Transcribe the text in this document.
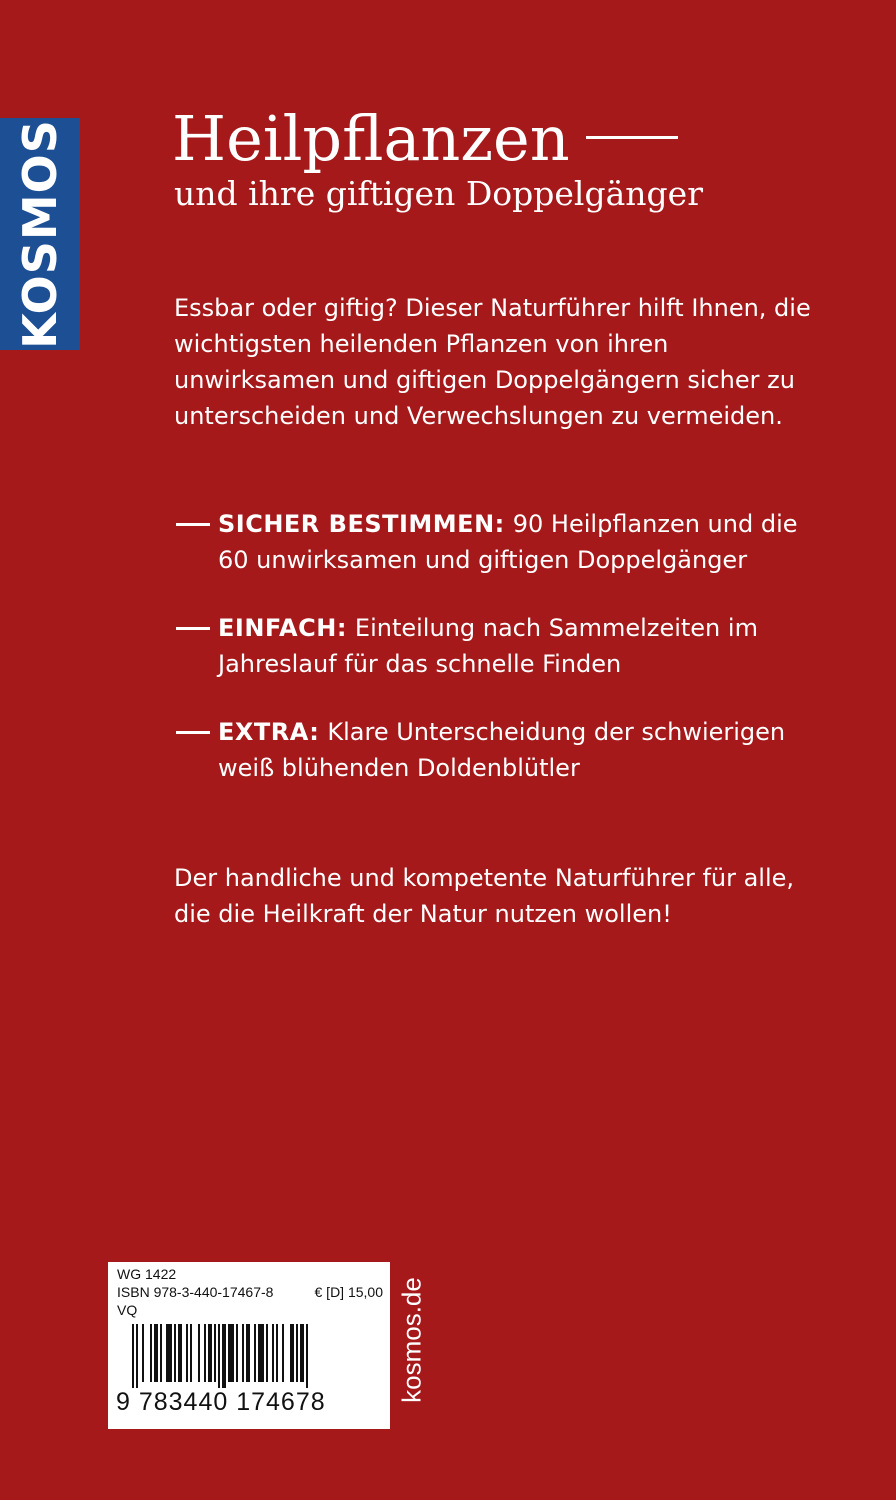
KOSMOS Heilpflanzen
und ihre giftigen Doppelgänger
Essbar oder giftig? Dieser Naturführer hilft Ihnen, die wichtigsten heilenden Pflanzen von ihren unwirksamen und giftigen Doppelgängern sicher zu unterscheiden und Verwechslungen zu vermeiden.
SICHER BESTIMMEN: 90 Heilpflanzen und die 60 unwirksamen und giftigen Doppelgänger
EINFACH: Einteilung nach Sammelzeiten im Jahreslauf für das schnelle Finden
EXTRA: Klare Unterscheidung der schwierigen weiß blühenden Doldenblütler
Der handliche und kompetente Naturführer für alle, die die Heilkraft der Natur nutzen wollen!
WG 1422
ISBN 978-3-440-17467-8	€ [D] 15,00
VQ
9 783440 174678	kosmos.de
